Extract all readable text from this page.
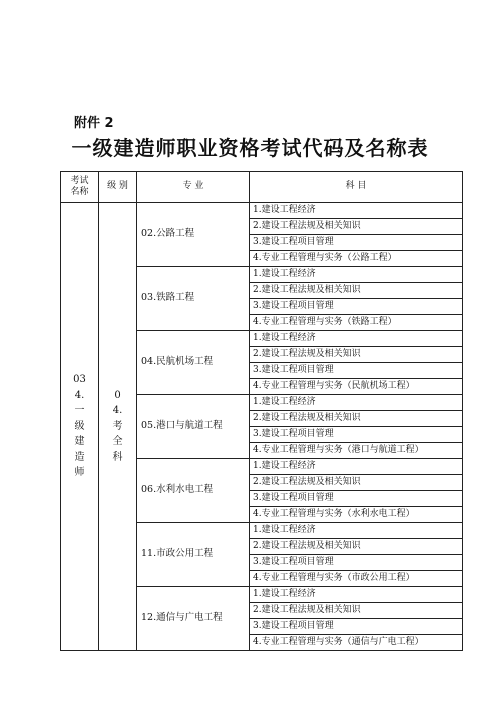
附件 2
一级建造师职业资格考试代码及名称表
考试
名称	级 别	专 业	科 目
034.一级建造师	04.考全科	02.公路工程	1.建设工程经济
			2.建设工程法规及相关知识
			3.建设工程项目管理
			4.专业工程管理与实务（公路工程）
		03.铁路工程	1.建设工程经济
			2.建设工程法规及相关知识
			3.建设工程项目管理
			4.专业工程管理与实务（铁路工程）
		04.民航机场工程	1.建设工程经济
			2.建设工程法规及相关知识
			3.建设工程项目管理
			4.专业工程管理与实务（民航机场工程）
		05.港口与航道工程	1.建设工程经济
			2.建设工程法规及相关知识
			3.建设工程项目管理
			4.专业工程管理与实务（港口与航道工程）
		06.水利水电工程	1.建设工程经济
			2.建设工程法规及相关知识
			3.建设工程项目管理
			4.专业工程管理与实务（水利水电工程）
		11.市政公用工程	1.建设工程经济
			2.建设工程法规及相关知识
			3.建设工程项目管理
			4.专业工程管理与实务（市政公用工程）
		12.通信与广电工程	1.建设工程经济
			2.建设工程法规及相关知识
			3.建设工程项目管理
			4.专业工程管理与实务（通信与广电工程）
